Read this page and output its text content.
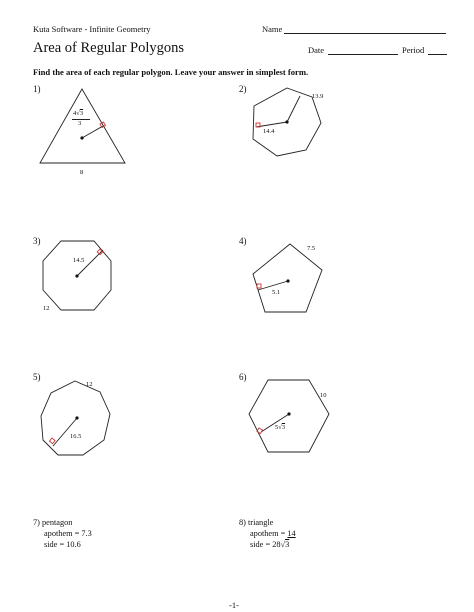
Kuta Software - Infinite Geometry	Name
Area of Regular Polygons	Date	Period
Find the area of each regular polygon. Leave your answer in simplest form.
1)	2)
3)	4)
5)	6)
4√3
3
8
13.9
14.4
14.5
12
7.5
5.1
12
16.5
10
5√3
7) pentagon
apothem = 7.3
side = 10.6
8) triangle
apothem = 14
side = 28√3
-1-
